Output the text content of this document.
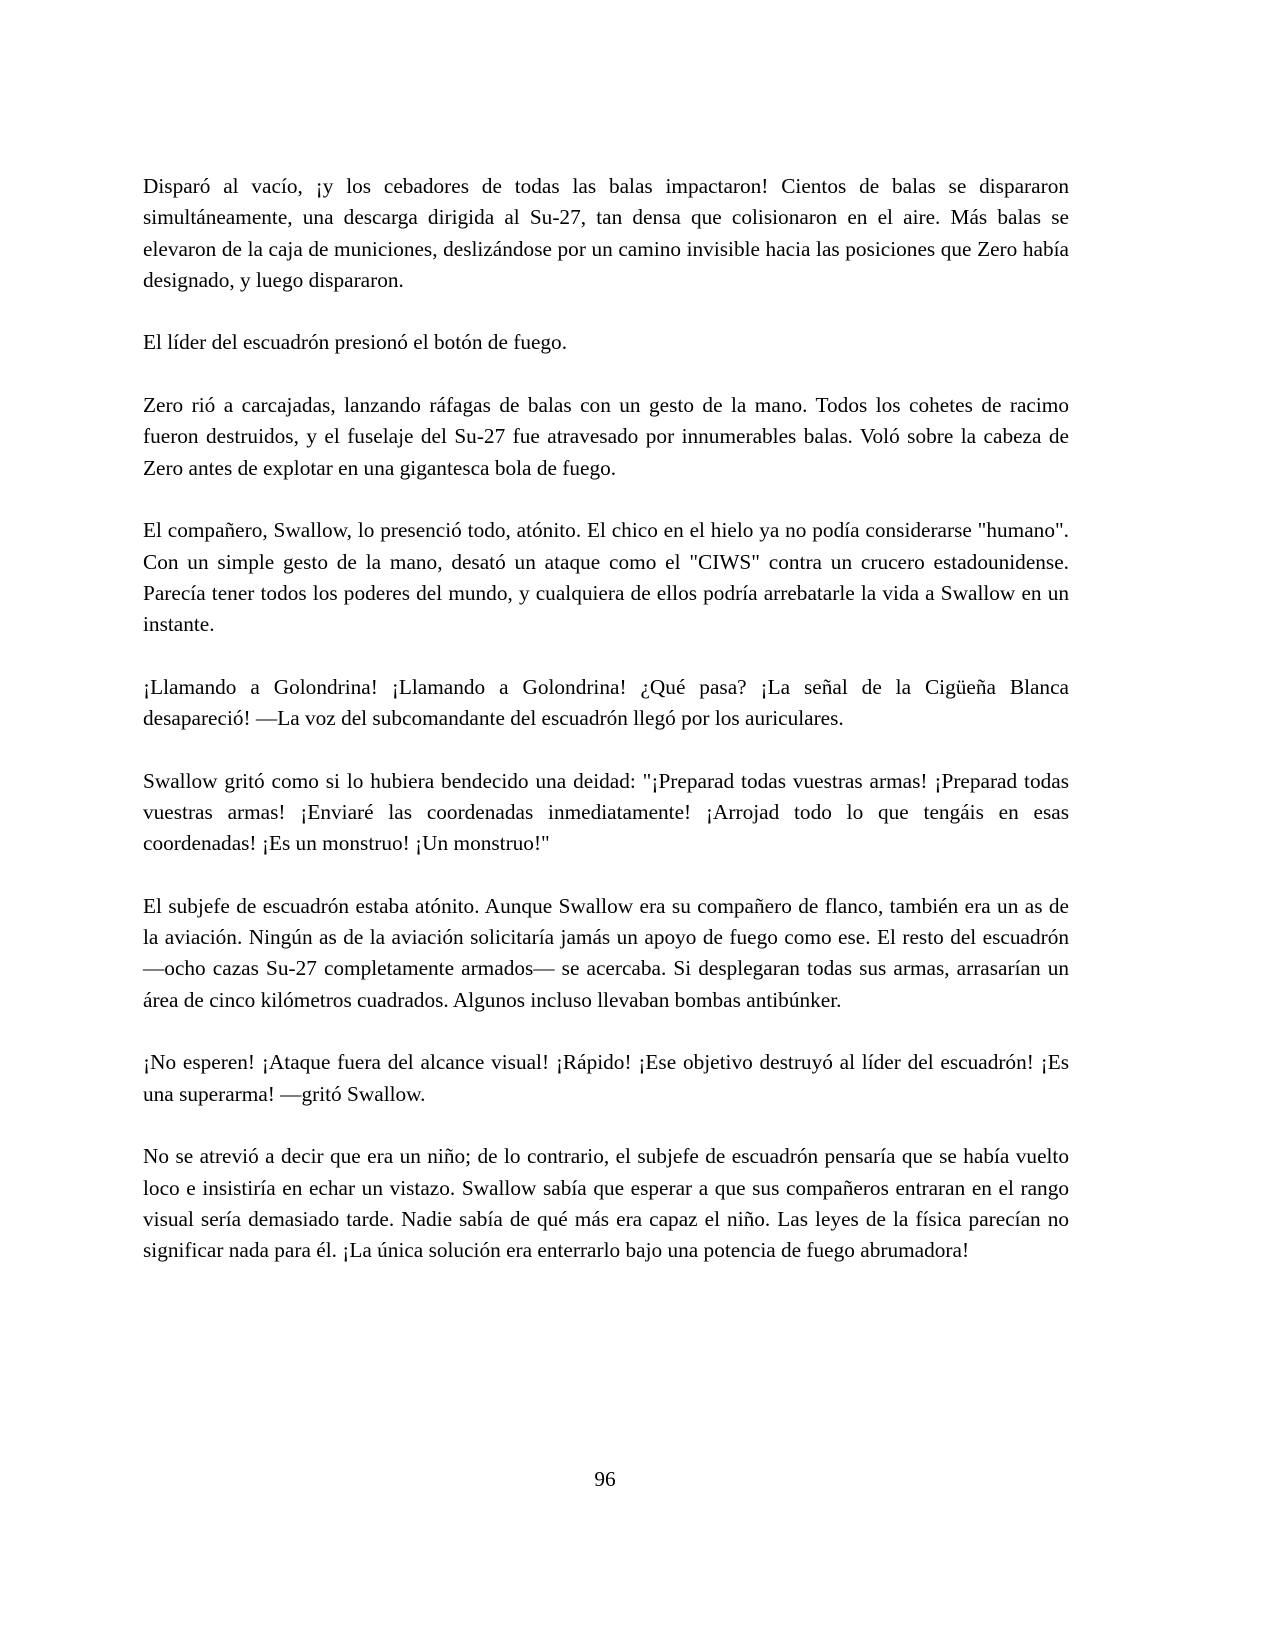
Disparó al vacío, ¡y los cebadores de todas las balas impactaron! Cientos de balas se dispararon simultáneamente, una descarga dirigida al Su-27, tan densa que colisionaron en el aire. Más balas se elevaron de la caja de municiones, deslizándose por un camino invisible hacia las posiciones que Zero había designado, y luego dispararon.

El líder del escuadrón presionó el botón de fuego.

Zero rió a carcajadas, lanzando ráfagas de balas con un gesto de la mano. Todos los cohetes de racimo fueron destruidos, y el fuselaje del Su-27 fue atravesado por innumerables balas. Voló sobre la cabeza de Zero antes de explotar en una gigantesca bola de fuego.

El compañero, Swallow, lo presenció todo, atónito. El chico en el hielo ya no podía considerarse "humano". Con un simple gesto de la mano, desató un ataque como el "CIWS" contra un crucero estadounidense. Parecía tener todos los poderes del mundo, y cualquiera de ellos podría arrebatarle la vida a Swallow en un instante.

¡Llamando a Golondrina! ¡Llamando a Golondrina! ¿Qué pasa? ¡La señal de la Cigüeña Blanca desapareció! —La voz del subcomandante del escuadrón llegó por los auriculares.

Swallow gritó como si lo hubiera bendecido una deidad: "¡Preparad todas vuestras armas! ¡Preparad todas vuestras armas! ¡Enviaré las coordenadas inmediatamente! ¡Arrojad todo lo que tengáis en esas coordenadas! ¡Es un monstruo! ¡Un monstruo!"

El subjefe de escuadrón estaba atónito. Aunque Swallow era su compañero de flanco, también era un as de la aviación. Ningún as de la aviación solicitaría jamás un apoyo de fuego como ese. El resto del escuadrón —ocho cazas Su-27 completamente armados— se acercaba. Si desplegaran todas sus armas, arrasarían un área de cinco kilómetros cuadrados. Algunos incluso llevaban bombas antibúnker.

¡No esperen! ¡Ataque fuera del alcance visual! ¡Rápido! ¡Ese objetivo destruyó al líder del escuadrón! ¡Es una superarma! —gritó Swallow.

No se atrevió a decir que era un niño; de lo contrario, el subjefe de escuadrón pensaría que se había vuelto loco e insistiría en echar un vistazo. Swallow sabía que esperar a que sus compañeros entraran en el rango visual sería demasiado tarde. Nadie sabía de qué más era capaz el niño. Las leyes de la física parecían no significar nada para él. ¡La única solución era enterrarlo bajo una potencia de fuego abrumadora!

96
